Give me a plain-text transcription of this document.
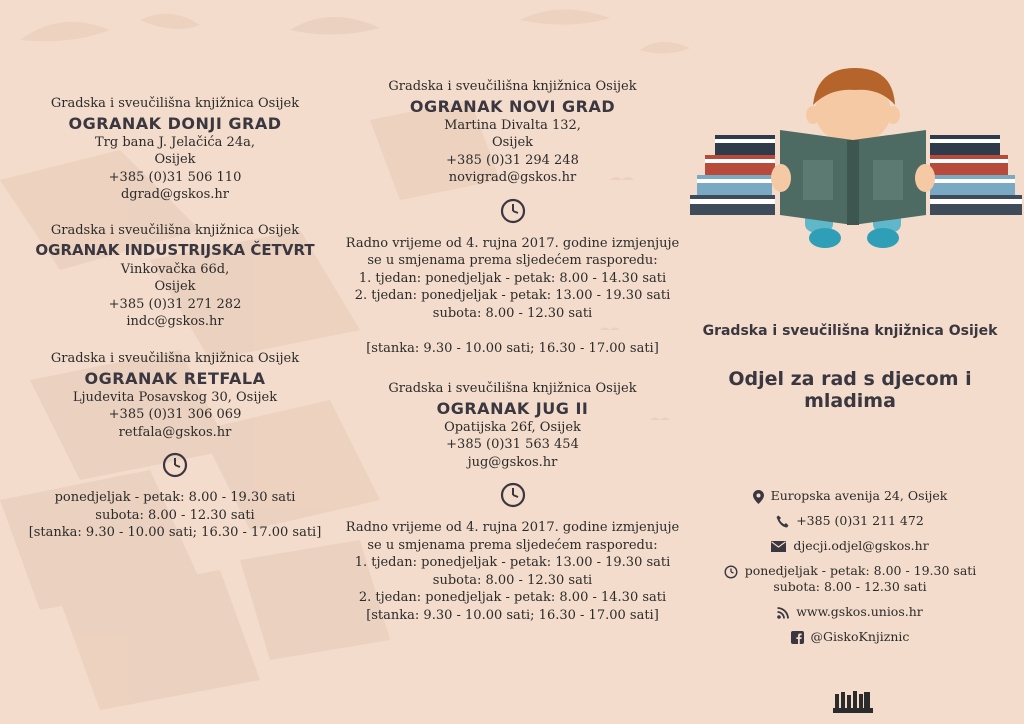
Gradska i sveučilišna knjižnica Osijek
OGRANAK DONJI GRAD
Trg bana J. Jelačića 24a,
Osijek
+385 (0)31 506 110
dgrad@gskos.hr
Gradska i sveučilišna knjižnica Osijek
OGRANAK INDUSTRIJSKA ČETVRT
Vinkovačka 66d,
Osijek
+385 (0)31 271 282
indc@gskos.hr
Gradska i sveučilišna knjižnica Osijek
OGRANAK RETFALA
Ljudevita Posavskog 30, Osijek
+385 (0)31 306 069
retfala@gskos.hr
ponedjeljak - petak: 8.00 - 19.30 sati
subota: 8.00 - 12.30 sati
[stanka: 9.30 - 10.00 sati; 16.30 - 17.00 sati]
Gradska i sveučilišna knjižnica Osijek
OGRANAK NOVI GRAD
Martina Divalta 132,
Osijek
+385 (0)31 294 248
novigrad@gskos.hr
Radno vrijeme od 4. rujna 2017. godine izmjenjuje
se u smjenama prema sljedećem rasporedu:
1. tjedan: ponedjeljak - petak: 8.00 - 14.30 sati
2. tjedan: ponedjeljak - petak: 13.00 - 19.30 sati
subota: 8.00 - 12.30 sati
[stanka: 9.30 - 10.00 sati; 16.30 - 17.00 sati]
Gradska i sveučilišna knjižnica Osijek
OGRANAK JUG II
Opatijska 26f, Osijek
+385 (0)31 563 454
jug@gskos.hr
Radno vrijeme od 4. rujna 2017. godine izmjenjuje
se u smjenama prema sljedećem rasporedu:
1. tjedan: ponedjeljak - petak: 13.00 - 19.30 sati
subota: 8.00 - 12.30 sati
2. tjedan: ponedjeljak - petak: 8.00 - 14.30 sati
[stanka: 9.30 - 10.00 sati; 16.30 - 17.00 sati]
Gradska i sveučilišna knjižnica Osijek
Odjel za rad s djecom i mladima
Europska avenija 24, Osijek
+385 (0)31 211 472
djecji.odjel@gskos.hr
ponedjeljak - petak: 8.00 - 19.30 sati
subota: 8.00 - 12.30 sati
www.gskos.unios.hr
@GiskoKnjiznic
